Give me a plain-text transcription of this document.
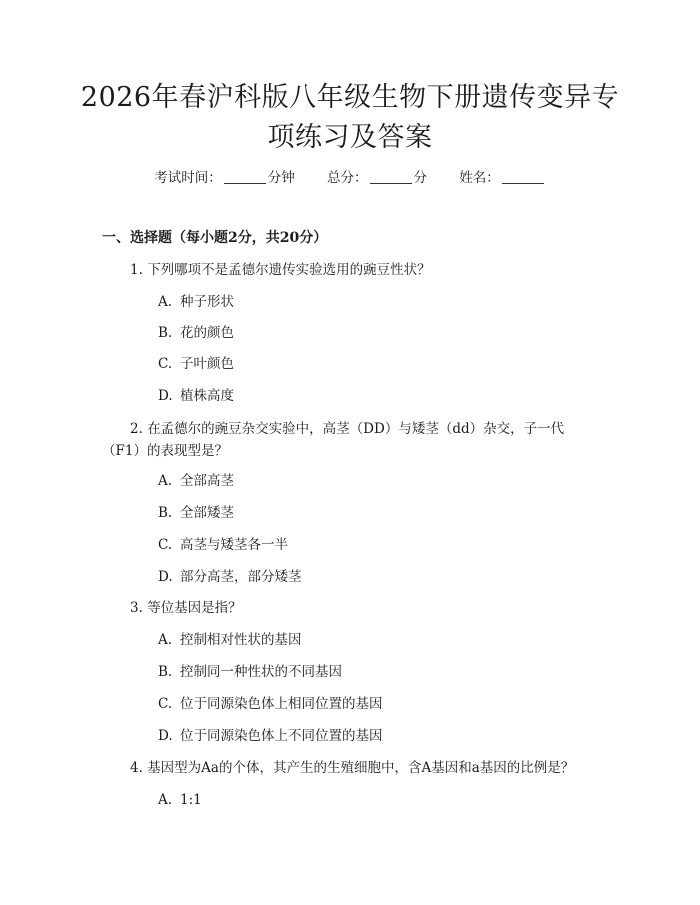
2026年春沪科版八年级生物下册遗传变异专项练习及答案
考试时间：	分钟 总分：	分 姓名：
一、选择题（每小题2分，共20分）
1. 下列哪项不是孟德尔遗传实验选用的豌豆性状？
A. 种子形状
B. 花的颜色
C. 子叶颜色
D. 植株高度
2. 在孟德尔的豌豆杂交实验中，高茎（DD）与矮茎（dd）杂交，子一代
（F1）的表现型是？
A. 全部高茎
B. 全部矮茎
C. 高茎与矮茎各一半
D. 部分高茎，部分矮茎
3. 等位基因是指？
A. 控制相对性状的基因
B. 控制同一种性状的不同基因
C. 位于同源染色体上相同位置的基因
D. 位于同源染色体上不同位置的基因
4. 基因型为Aa的个体，其产生的生殖细胞中，含A基因和a基因的比例是？
A. 1:1
